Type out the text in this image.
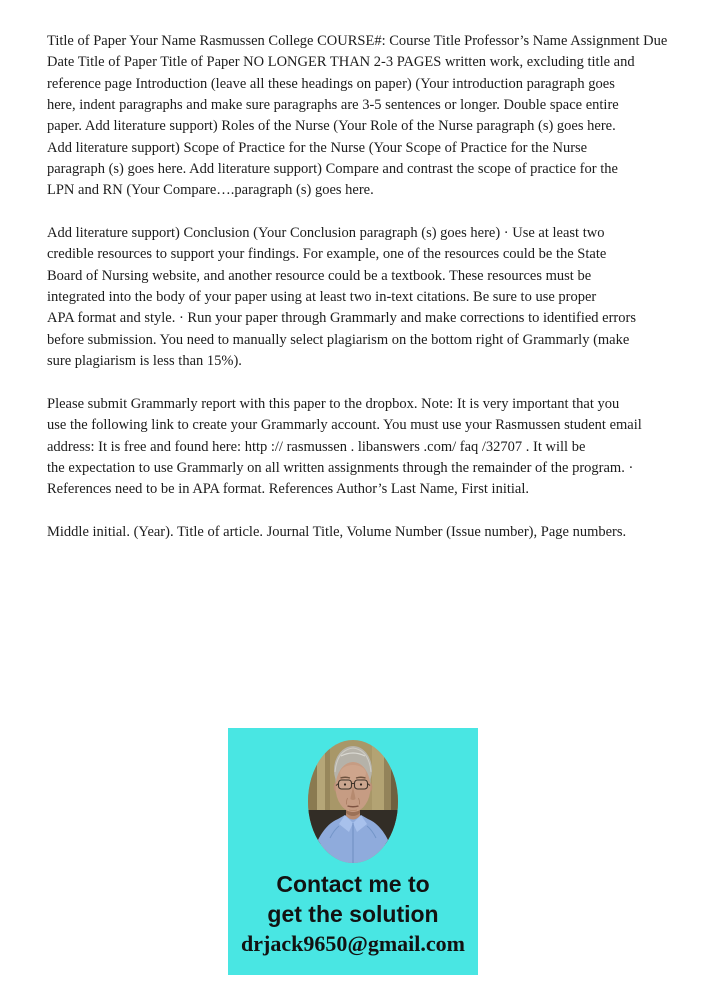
Title of Paper Your Name Rasmussen College COURSE#: Course Title Professor’s Name Assignment Due
Date Title of Paper Title of Paper NO LONGER THAN 2-3 PAGES written work, excluding title and
reference page Introduction (leave all these headings on paper) (Your introduction paragraph goes
here, indent paragraphs and make sure paragraphs are 3-5 sentences or longer. Double space entire
paper. Add literature support) Roles of the Nurse (Your Role of the Nurse paragraph (s) goes here.
Add literature support) Scope of Practice for the Nurse (Your Scope of Practice for the Nurse
paragraph (s) goes here. Add literature support) Compare and contrast the scope of practice for the
LPN and RN (Your Compare….paragraph (s) goes here.
Add literature support) Conclusion (Your Conclusion paragraph (s) goes here) · Use at least two
credible resources to support your findings. For example, one of the resources could be the State
Board of Nursing website, and another resource could be a textbook. These resources must be
integrated into the body of your paper using at least two in-text citations. Be sure to use proper
APA format and style. · Run your paper through Grammarly and make corrections to identified errors
before submission. You need to manually select plagiarism on the bottom right of Grammarly (make
sure plagiarism is less than 15%).
Please submit Grammarly report with this paper to the dropbox. Note: It is very important that you
use the following link to create your Grammarly account. You must use your Rasmussen student email
address: It is free and found here: http :// rasmussen . libanswers .com/ faq /32707 . It will be
the expectation to use Grammarly on all written assignments through the remainder of the program. ·
References need to be in APA format. References Author’s Last Name, First initial.
Middle initial. (Year). Title of article. Journal Title, Volume Number (Issue number), Page numbers.
Contact me to
get the solution
drjack9650@gmail.com
